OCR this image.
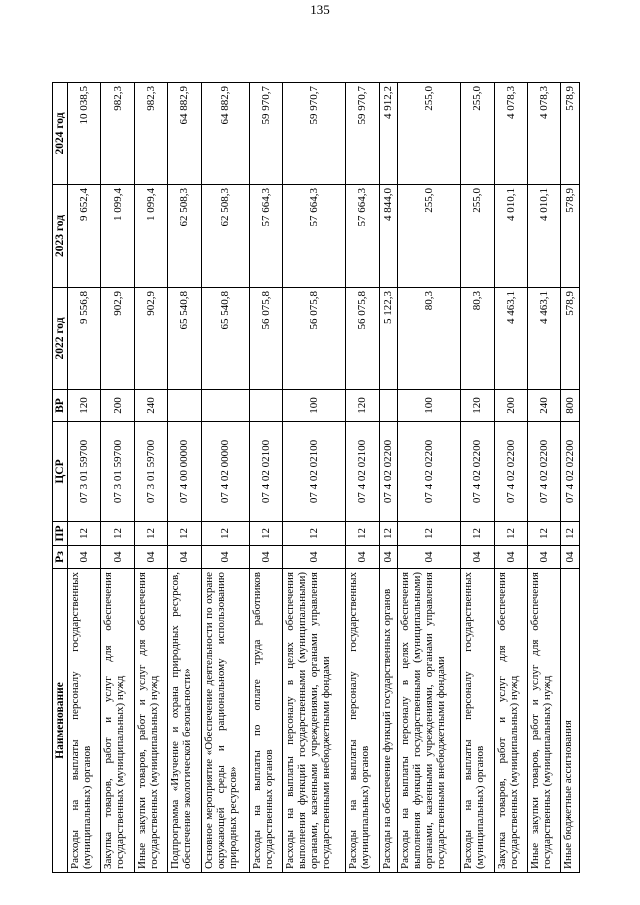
135
Наименование	Рз	ПР	ЦСР	ВР	2022 год	2023 год	2024 год
Расходы на выплаты персоналу государственных (муниципальных) органов	04	12	07 3 01 59700	120	9 556,8	9 652,4	10 038,5
Закупка товаров, работ и услуг для обеспечения государственных (муниципальных) нужд	04	12	07 3 01 59700	200	902,9	1 099,4	982,3
Иные закупки товаров, работ и услуг для обеспечения государственных (муниципальных) нужд	04	12	07 3 01 59700	240	902,9	1 099,4	982,3
Подпрограмма «Изучение и охрана природных ресурсов, обеспечение экологической безопасности»	04	12	07 4 00 00000		65 540,8	62 508,3	64 882,9
Основное мероприятие «Обеспечение деятельности по охране окружающей среды и рациональному использованию природных ресурсов»	04	12	07 4 02 00000		65 540,8	62 508,3	64 882,9
Расходы на выплаты по оплате труда работников государственных органов	04	12	07 4 02 02100		56 075,8	57 664,3	59 970,7
Расходы на выплаты персоналу в целях обеспечения выполнения функций государственными (муниципальными) органами, казенными учреждениями, органами управления государственными внебюджетными фондами	04	12	07 4 02 02100	100	56 075,8	57 664,3	59 970,7
Расходы на выплаты персоналу государственных (муниципальных) органов	04	12	07 4 02 02100	120	56 075,8	57 664,3	59 970,7
Расходы на обеспечение функций государственных органов	04	12	07 4 02 02200		5 122,3	4 844,0	4 912,2
Расходы на выплаты персоналу в целях обеспечения выполнения функций государственными (муниципальными) органами, казенными учреждениями, органами управления государственными внебюджетными фондами	04	12	07 4 02 02200	100	80,3	255,0	255,0
Расходы на выплаты персоналу государственных (муниципальных) органов	04	12	07 4 02 02200	120	80,3	255,0	255,0
Закупка товаров, работ и услуг для обеспечения государственных (муниципальных) нужд	04	12	07 4 02 02200	200	4 463,1	4 010,1	4 078,3
Иные закупки товаров, работ и услуг для обеспечения государственных (муниципальных) нужд	04	12	07 4 02 02200	240	4 463,1	4 010,1	4 078,3
Иные бюджетные ассигнования	04	12	07 4 02 02200	800	578,9	578,9	578,9
